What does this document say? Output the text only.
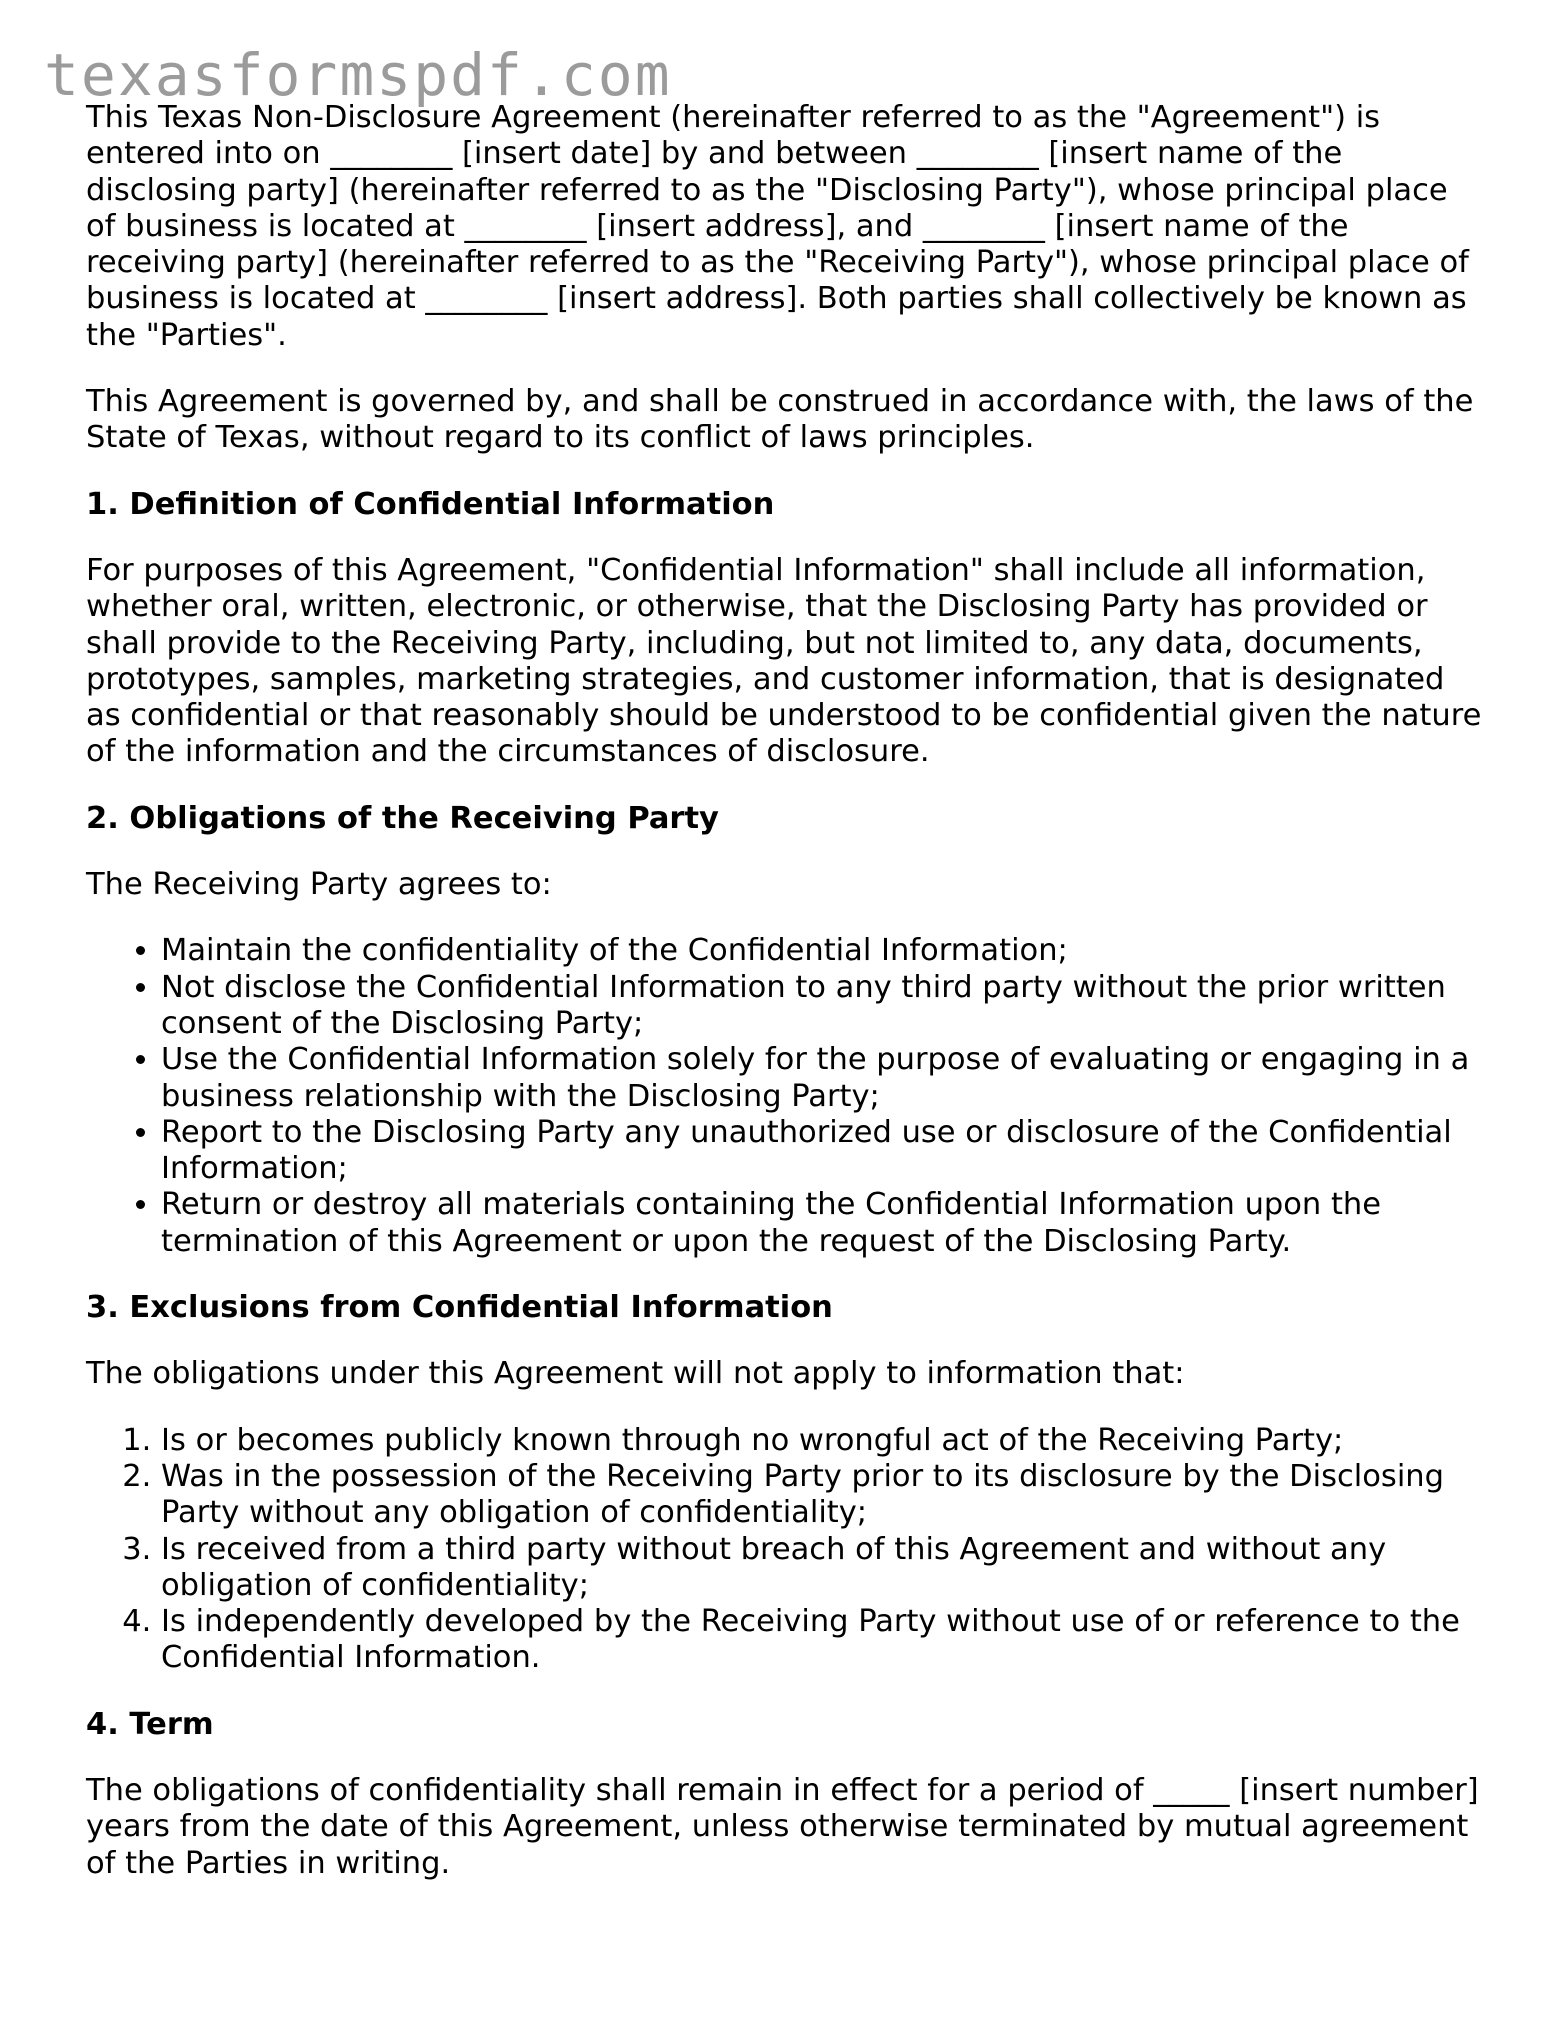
texasformspdf.com

This Texas Non-Disclosure Agreement (hereinafter referred to as the "Agreement") is entered into on ________ [insert date] by and between ________ [insert name of the disclosing party] (hereinafter referred to as the "Disclosing Party"), whose principal place of business is located at ________ [insert address], and ________ [insert name of the receiving party] (hereinafter referred to as the "Receiving Party"), whose principal place of business is located at ________ [insert address]. Both parties shall collectively be known as the "Parties".

This Agreement is governed by, and shall be construed in accordance with, the laws of the State of Texas, without regard to its conflict of laws principles.

1. Definition of Confidential Information

For purposes of this Agreement, "Confidential Information" shall include all information, whether oral, written, electronic, or otherwise, that the Disclosing Party has provided or shall provide to the Receiving Party, including, but not limited to, any data, documents, prototypes, samples, marketing strategies, and customer information, that is designated as confidential or that reasonably should be understood to be confidential given the nature of the information and the circumstances of disclosure.

2. Obligations of the Receiving Party

The Receiving Party agrees to:

• Maintain the confidentiality of the Confidential Information;
• Not disclose the Confidential Information to any third party without the prior written consent of the Disclosing Party;
• Use the Confidential Information solely for the purpose of evaluating or engaging in a business relationship with the Disclosing Party;
• Report to the Disclosing Party any unauthorized use or disclosure of the Confidential Information;
• Return or destroy all materials containing the Confidential Information upon the termination of this Agreement or upon the request of the Disclosing Party.
3. Exclusions from Confidential Information

The obligations under this Agreement will not apply to information that:

1. Is or becomes publicly known through no wrongful act of the Receiving Party;
2. Was in the possession of the Receiving Party prior to its disclosure by the Disclosing Party without any obligation of confidentiality;
3. Is received from a third party without breach of this Agreement and without any obligation of confidentiality;
4. Is independently developed by the Receiving Party without use of or reference to the Confidential Information.
4. Term

The obligations of confidentiality shall remain in effect for a period of _____ [insert number] years from the date of this Agreement, unless otherwise terminated by mutual agreement of the Parties in writing.
